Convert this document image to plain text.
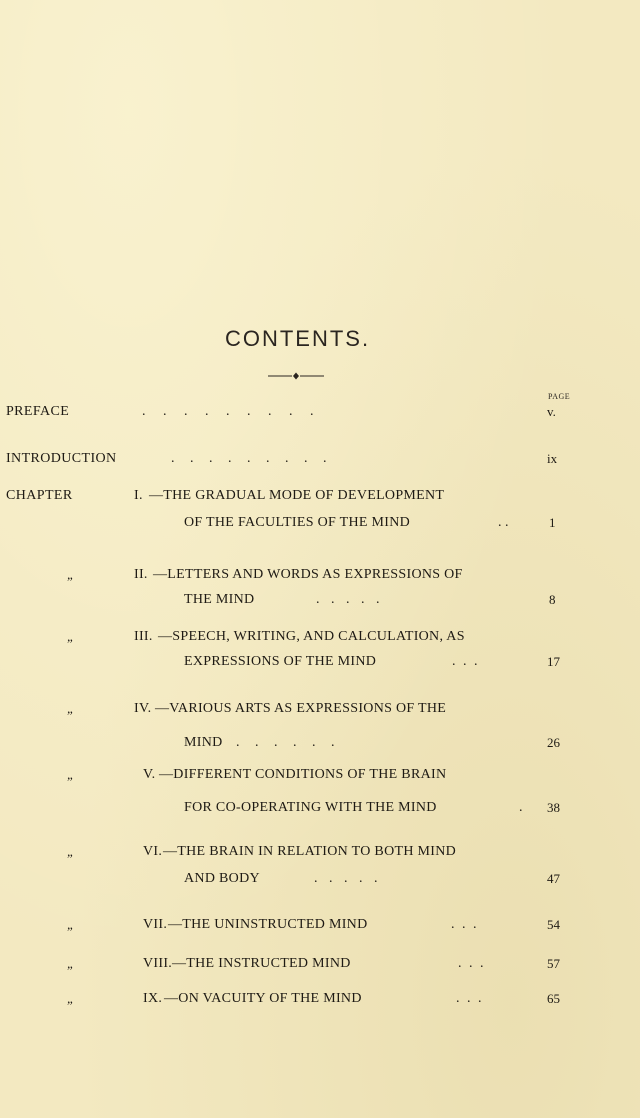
CONTENTS.
PAGE
PREFACE	. . . . . . . . .	v.
INTRODUCTION	. . . . . . . . .	ix
CHAPTER	I. —THE GRADUAL MODE OF DEVELOPMENT
OF THE FACULTIES OF THE MIND	. .	1
„	II. —LETTERS AND WORDS AS EXPRESSIONS OF
THE MIND	. . . . .	8
„	III. —SPEECH, WRITING, AND CALCULATION, AS
EXPRESSIONS OF THE MIND	. . .	17
„	IV. —VARIOUS ARTS AS EXPRESSIONS OF THE
MIND . . . . . .	26
„	V. —DIFFERENT CONDITIONS OF THE BRAIN
FOR CO-OPERATING WITH THE MIND	. 38
„	VI. —THE BRAIN IN RELATION TO BOTH MIND
AND BODY	. . . . .	47
„	VII. —THE UNINSTRUCTED MIND	. . .	54
„	VIII. —THE INSTRUCTED MIND	. . .	57
„	IX. —ON VACUITY OF THE MIND	. . .	65
